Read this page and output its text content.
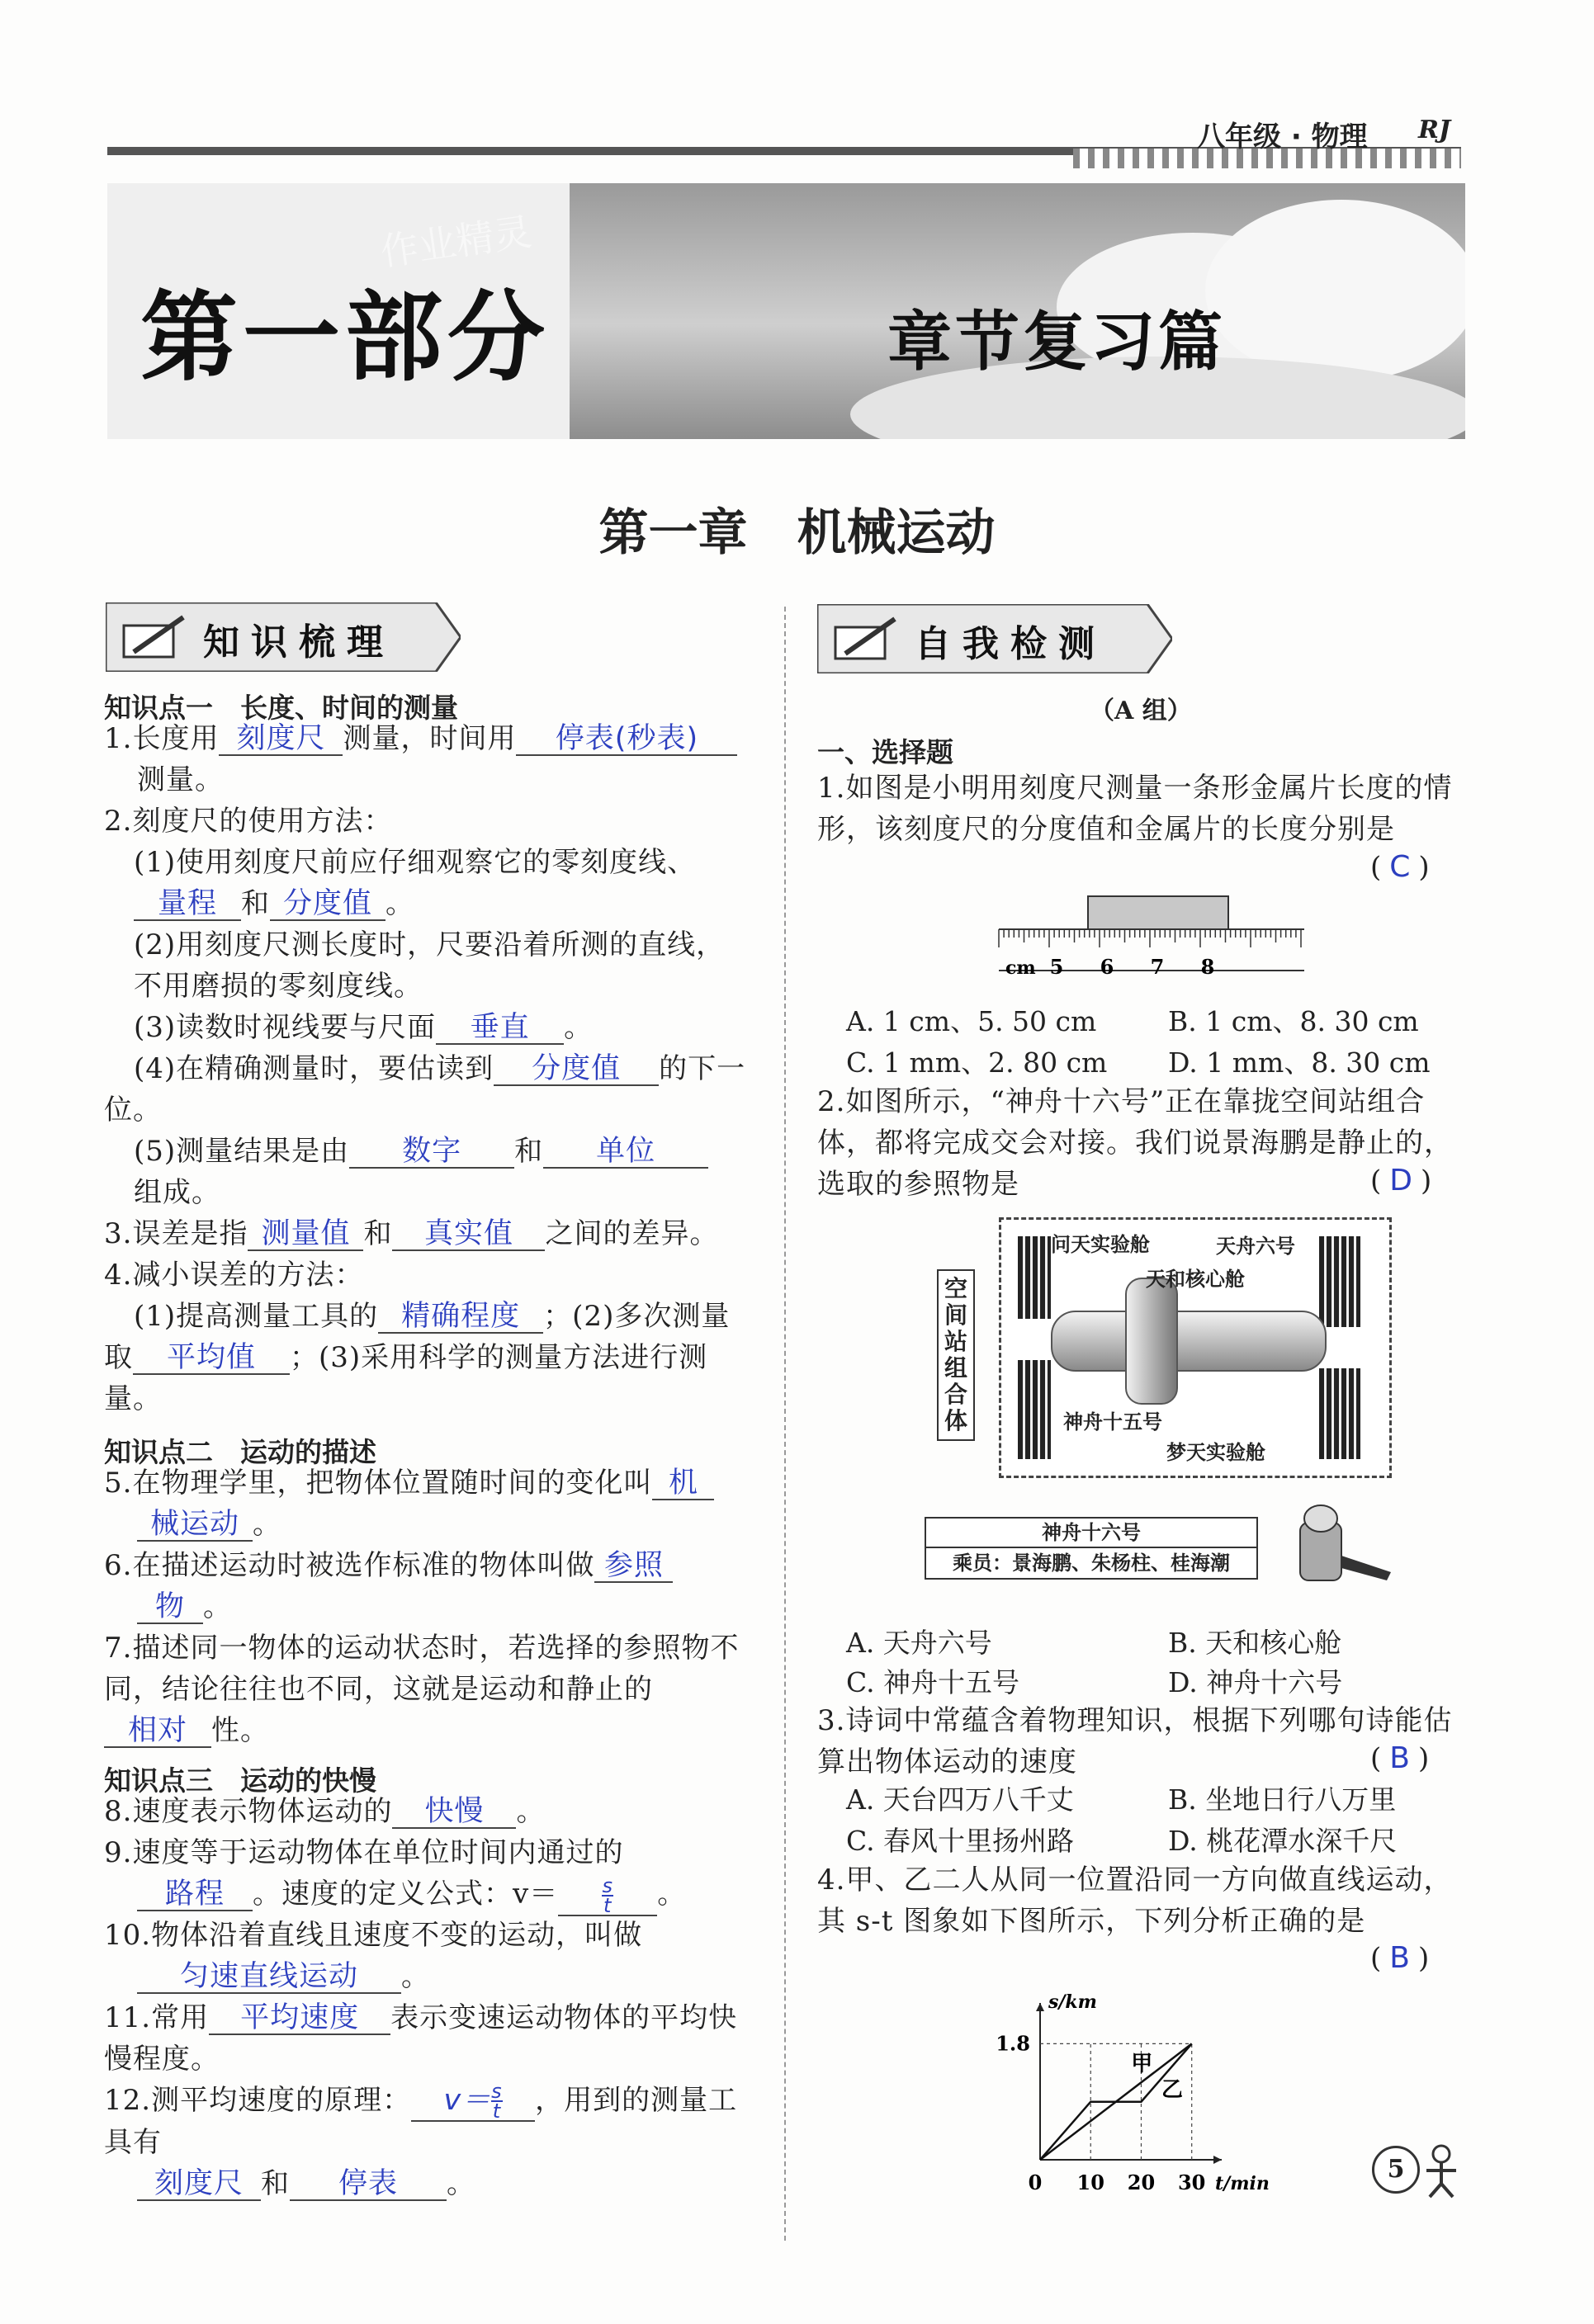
八年级 · 物理 RJ
第一部分	章节复习篇
作业精灵
第一章　机械运动
知识梳理
知识点一　长度、时间的测量
1.长度用 刻度尺 测量，时间用 停表(秒表)
测量。
2.刻度尺的使用方法：
(1)使用刻度尺前应仔细观察它的零刻度线、
量程 和 分度值 。
(2)用刻度尺测长度时，尺要沿着所测的直线，不用磨损的零刻度线。
(3)读数时视线要与尺面 垂直 。
(4)在精确测量时，要估读到 分度值 的下一位。
(5)测量结果是由 数字 和 单位
组成。
3.误差是指 测量值 和 真实值 之间的差异。
4.减小误差的方法：
(1)提高测量工具的 精确程度 ；(2)多次测量取 平均值 ；(3)采用科学的测量方法进行测量。
知识点二　运动的描述
5.在物理学里，把物体位置随时间的变化叫 机
械运动 。
6.在描述运动时被选作标准的物体叫做 参照
物 。
7.描述同一物体的运动状态时，若选择的参照物不同，结论往往也不同，这就是运动和静止的相对 性。
知识点三　运动的快慢
8.速度表示物体运动的 快慢 。
9.速度等于运动物体在单位时间内通过的
路程 。速度的定义公式：$v= \frac{s}{t}$ 。
10.物体沿着直线且速度不变的运动，叫做
匀速直线运动 。
11.常用 平均速度 表示变速运动物体的平均快慢程度。
12.测平均速度的原理： $v= \frac{s}{t}$ ，用到的测量工具有
刻度尺 和 停表 。
自我检测
（A 组）
一、选择题
1.如图是小明用刻度尺测量一条形金属片长度的情形，该刻度尺的分度值和金属片的长度分别是
( C )
cm 5 6 7 8
A. 1 cm、5. 50 cm	B. 1 cm、8. 30 cm
C. 1 mm、2. 80 cm D. 1 mm、8. 30 cm
2.如图所示，“神舟十六号”正在靠拢空间站组合体，都将完成交会对接。我们说景海鹏是静止的，选取的参照物是	( D )
空间站组合体
问天实验舱	天舟六号
天和核心舱
神舟十五号
梦天实验舱
神舟十六号
乘员：景海鹏、朱杨柱、桂海潮
A. 天舟六号	B. 天和核心舱
C. 神舟十五号	D. 神舟十六号
3.诗词中常蕴含着物理知识，根据下列哪句诗能估算出物体运动的速度	( B )
A. 天台四万八千丈	B. 坐地日行八万里
C. 春风十里扬州路	D. 桃花潭水深千尺
4.甲、乙二人从同一位置沿同一方向做直线运动，其 s-t 图象如下图所示，下列分析正确的是
( B )
s/km
t/min
0 10 20 30
1.8
甲
乙
5
